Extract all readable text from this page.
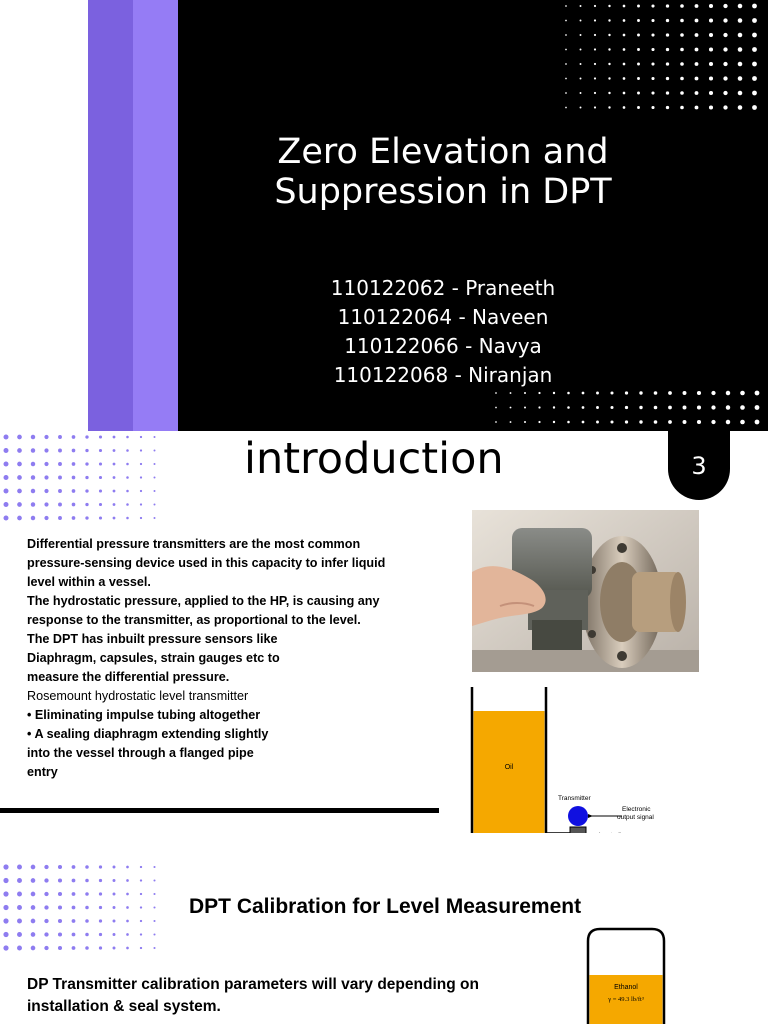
Zero Elevation and
Suppression in DPT
110122062 - Praneeth
110122064 - Naveen
110122066 - Navya
110122068 - Niranjan
introduction	3

Differential pressure transmitters are the most common

pressure-sensing device used in this capacity to infer liquid

level within a vessel.

The hydrostatic pressure, applied to the HP, is causing any

response to the transmitter, as proportional to the level.

The DPT has inbuilt pressure sensors like

Diaphragm, capsules, strain gauges etc to

measure the differential pressure.

Rosemount hydrostatic level transmitter

• Eliminating impulse tubing altogether

• A sealing diaphragm extending slightly

into the vessel through a flanged pipe

entry	Oil
Transmitter
Electronic
output signal
DPT Calibration for Level Measurement

DP Transmitter calibration parameters will vary depending on

installation & seal system.

Ethanol
γ = 49.3 lb/ft³
